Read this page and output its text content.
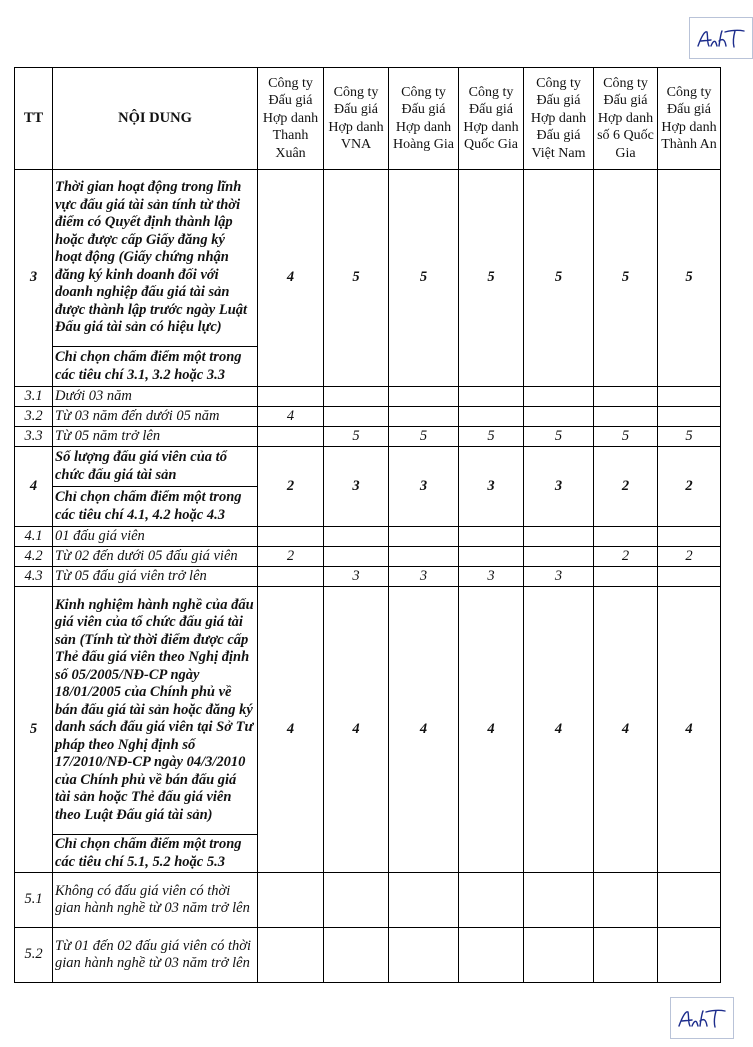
TT	NỘI DUNG	Công ty Đấu giá Hợp danh Thanh Xuân	Công ty Đấu giá Hợp danh VNA	Công ty Đấu giá Hợp danh Hoàng Gia	Công ty Đấu giá Hợp danh Quốc Gia	Công ty Đấu giá Hợp danh Đấu giá Việt Nam	Công ty Đấu giá Hợp danh số 6 Quốc Gia	Công ty Đấu giá Hợp danh Thành An
3	Thời gian hoạt động trong lĩnh vực đấu giá tài sản tính từ thời điểm có Quyết định thành lập hoặc được cấp Giấy đăng ký hoạt động (Giấy chứng nhận đăng ký kinh doanh đối với doanh nghiệp đấu giá tài sản được thành lập trước ngày Luật Đấu giá tài sản có hiệu lực)	4	5	5	5	5	5	5
	Chỉ chọn chấm điểm một trong các tiêu chí 3.1, 3.2 hoặc 3.3							
3.1	Dưới 03 năm							
3.2	Từ 03 năm đến dưới 05 năm	4						
3.3	Từ 05 năm trở lên		5	5	5	5	5	5
4	Số lượng đấu giá viên của tổ chức đấu giá tài sản	2	3	3	3	3	2	2
	Chỉ chọn chấm điểm một trong các tiêu chí 4.1, 4.2 hoặc 4.3							
4.1	01 đấu giá viên							
4.2	Từ 02 đến dưới 05 đấu giá viên	2					2	2
4.3	Từ 05 đấu giá viên trở lên		3	3	3	3		
5	Kinh nghiệm hành nghề của đấu giá viên của tổ chức đấu giá tài sản (Tính từ thời điểm được cấp Thẻ đấu giá viên theo Nghị định số 05/2005/NĐ-CP ngày 18/01/2005 của Chính phủ về bán đấu giá tài sản hoặc đăng ký danh sách đấu giá viên tại Sở Tư pháp theo Nghị định số 17/2010/NĐ-CP ngày 04/3/2010 của Chính phủ về bán đấu giá tài sản hoặc Thẻ đấu giá viên theo Luật Đấu giá tài sản)	4	4	4	4	4	4	4
	Chỉ chọn chấm điểm một trong các tiêu chí 5.1, 5.2 hoặc 5.3							
5.1	Không có đấu giá viên có thời gian hành nghề từ 03 năm trở lên							
5.2	Từ 01 đến 02 đấu giá viên có thời gian hành nghề từ 03 năm trở lên							
